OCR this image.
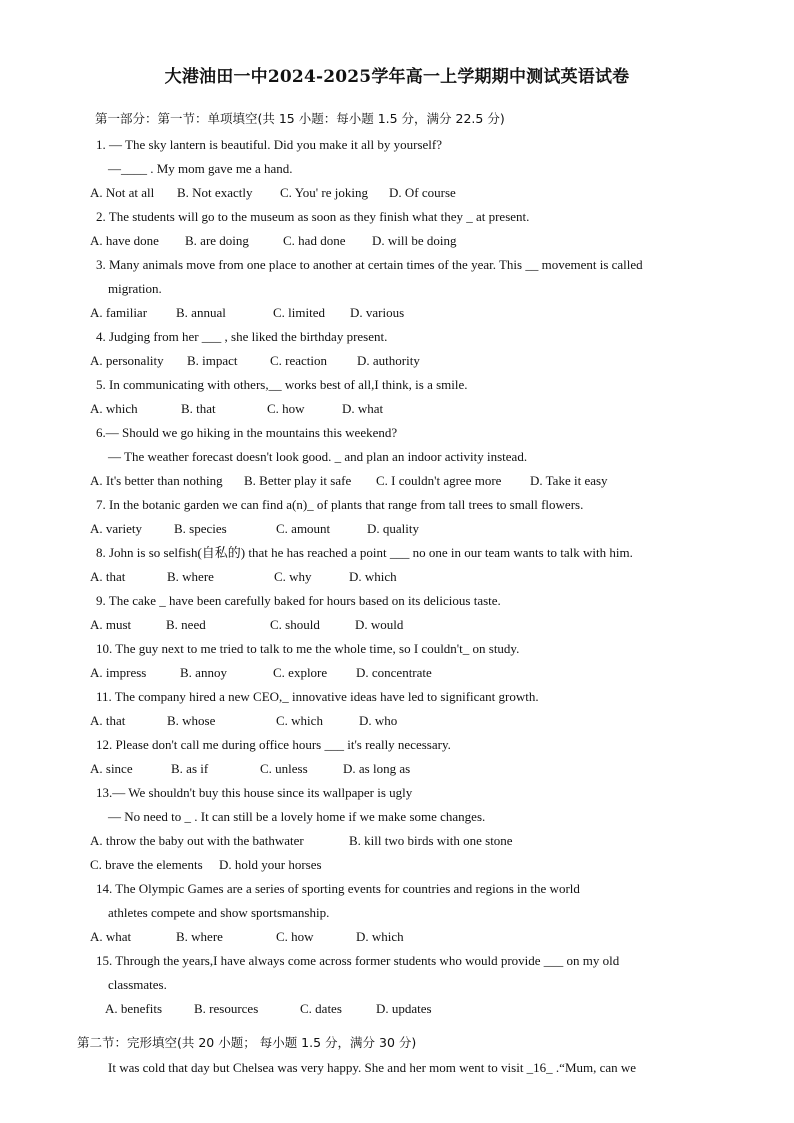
大港油田一中2024-2025学年高一上学期期中测试英语试卷
第一部分：第一节：单项填空(共 15 小题：每小题 1.5 分，满分 22.5 分)
1. — The sky lantern is beautiful. Did you make it all by yourself?
—____ . My mom gave me a hand.
A. Not at all B. Not exactly C. You' re joking D. Of course
2. The students will go to the museum as soon as they finish what they _ at present.
A. have done B. are doing	C. had done D. will be doing
3. Many animals move from one place to another at certain times of the year. This __ movement is called
migration.
A. familiar B. annual	C. limited D. various
4. Judging from her ___ , she liked the birthday present.
A. personality B. impact C. reaction D. authority
5. In communicating with others,__ works best of all,I think, is a smile.
A. which	B. that	C. how	D. what
6.— Should we go hiking in the mountains this weekend?
— The weather forecast doesn't look good. _ and plan an indoor activity instead.
A. It's better than nothing B. Better play it safe C. I couldn't agree more D. Take it easy
7. In the botanic garden we can find a(n)_ of plants that range from tall trees to small flowers.
A. variety B. species	C. amount	D. quality
8. John is so selfish(自私的) that he has reached a point ___ no one in our team wants to talk with him.
A. that	B. where	C. why	D. which
9. The cake _ have been carefully baked for hours based on its delicious taste.
A. must	B. need	C. should	D. would
10. The guy next to me tried to talk to me the whole time, so I couldn't_ on study.
A. impress	B. annoy	C. explore D. concentrate
11. The company hired a new CEO,_ innovative ideas have led to significant growth.
A. that	B. whose	C. which	D. who
12. Please don't call me during office hours ___ it's really necessary.
A. since	B. as if	C. unless	D. as long as
13.— We shouldn't buy this house since its wallpaper is ugly
— No need to _ . It can still be a lovely home if we make some changes.
A. throw the baby out with the bathwater	B. kill two birds with one stone
C. brave the elements D. hold your horses
14. The Olympic Games are a series of sporting events for countries and regions in the world
athletes compete and show sportsmanship.
A. what	B. where	C. how	D. which
15. Through the years,I have always come across former students who would provide ___ on my old
classmates.
A. benefits B. resources	C. dates	D. updates
第二节：完形填空(共 20 小题； 每小题 1.5 分，满分 30 分)
It was cold that day but Chelsea was very happy. She and her mom went to visit _16_ .“Mum, can we
